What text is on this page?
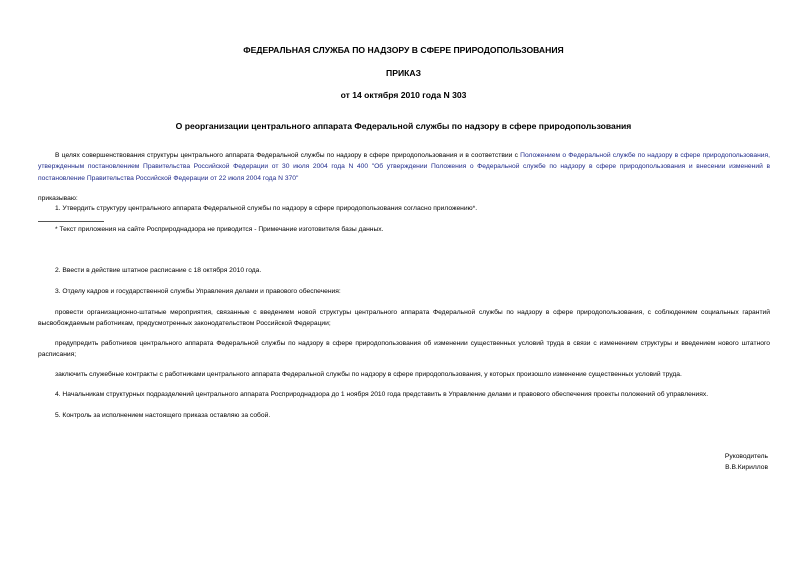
ФЕДЕРАЛЬНАЯ СЛУЖБА ПО НАДЗОРУ В СФЕРЕ ПРИРОДОПОЛЬЗОВАНИЯ
ПРИКАЗ
от 14 октября 2010 года N 303
О реорганизации центрального аппарата Федеральной службы по надзору в сфере природопользования
В целях совершенствования структуры центрального аппарата Федеральной службы по надзору в сфере природопользования и в соответствии с Положением о Федеральной службе по надзору в сфере природопользования, утвержденным постановлением Правительства Российской Федерации от 30 июля 2004 года N 400 "Об утверждении Положения о Федеральной службе по надзору в сфере природопользования и внесении изменений в постановление Правительства Российской Федерации от 22 июля 2004 года N 370"
приказываю:
1. Утвердить структуру центрального аппарата Федеральной службы по надзору в сфере природопользования согласно приложению*.
* Текст приложения на сайте Росприроднадзора не приводится - Примечание изготовителя базы данных.
2. Ввести в действие штатное расписание с 18 октября 2010 года.
3. Отделу кадров и государственной службы Управления делами и правового обеспечения:
провести организационно-штатные мероприятия, связанные с введением новой структуры центрального аппарата Федеральной службы по надзору в сфере природопользования, с соблюдением социальных гарантий высвобождаемым работникам, предусмотренных законодательством Российской Федерации;
предупредить работников центрального аппарата Федеральной службы по надзору в сфере природопользования об изменении существенных условий труда в связи с изменением структуры и введением нового штатного расписания;
заключить служебные контракты с работниками центрального аппарата Федеральной службы по надзору в сфере природопользования, у которых произошло изменение существенных условий труда.
4. Начальникам структурных подразделений центрального аппарата Росприроднадзора до 1 ноября 2010 года представить в Управление делами и правового обеспечения проекты положений об управлениях.
5. Контроль за исполнением настоящего приказа оставляю за собой.
Руководитель
В.В.Кириллов
